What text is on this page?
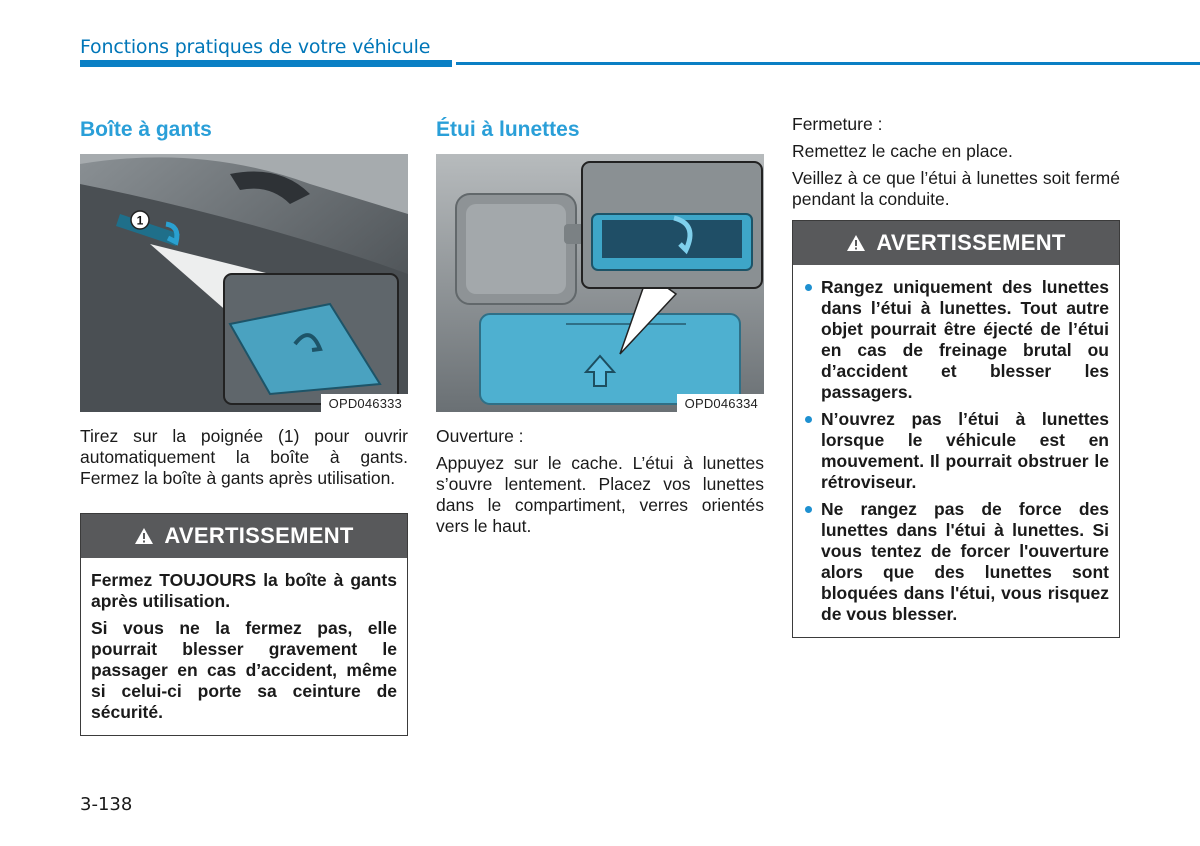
Fonctions pratiques de votre véhicule
Boîte à gants
1
OPD046333

Tirez sur la poignée (1) pour ouvrir automatiquement la boîte à gants. Fermez la boîte à gants après utilisation.

AVERTISSEMENT

Fermez TOUJOURS la boîte à gants après utilisation.

Si vous ne la fermez pas, elle pourrait blesser gravement le passager en cas d’accident, même si celui-ci porte sa ceinture de sécurité.

Étui à lunettes
OPD046334

Ouverture :

Appuyez sur le cache. L’étui à lunettes s’ouvre lentement. Placez vos lunettes dans le compartiment, verres orientés vers le haut.

Fermeture :

Remettez le cache en place.

Veillez à ce que l’étui à lunettes soit fermé pendant la conduite.

AVERTISSEMENT
Rangez uniquement des lunettes dans l’étui à lunettes. Tout autre objet pourrait être éjecté de l’étui en cas de freinage brutal ou d’accident et blesser les passagers.
N’ouvrez pas l’étui à lunettes lorsque le véhicule est en mouvement. Il pourrait obstruer le rétroviseur.
Ne rangez pas de force des lunettes dans l'étui à lunettes. Si vous tentez de forcer l'ouverture alors que des lunettes sont bloquées dans l'étui, vous risquez de vous blesser.
3-138
